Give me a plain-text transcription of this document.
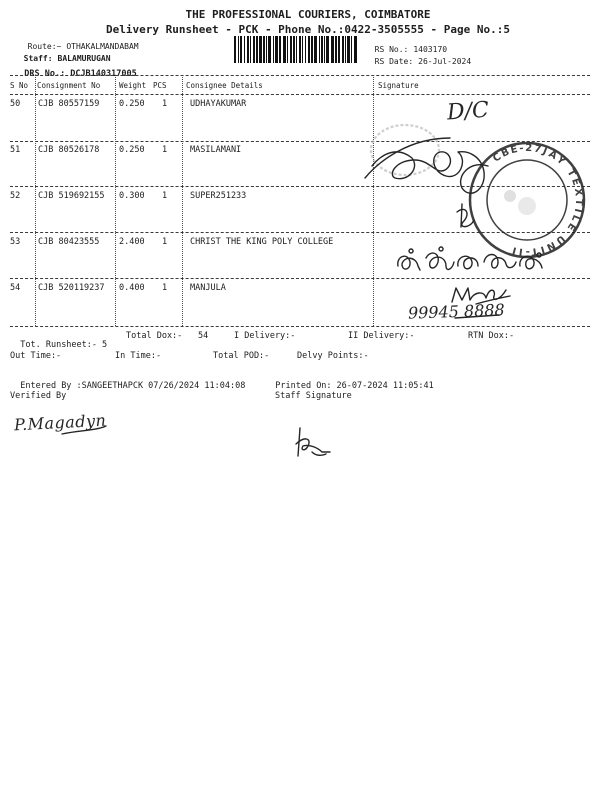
THE PROFESSIONAL COURIERS, COIMBATORE
Delivery Runsheet - PCK - Phone No.:0422-3505555 - Page No.:5

Route:~ OTHAKALMANDABAM

Staff: BALAMURUGAN

DRS No.: DCJB140317005

RS No.: 1403170

RS Date: 26-Jul-2024

S No Consignment No	Weight PCS	Consignee Details	Signature
50 CJB 80557159 0.250 1	UDHAYAKUMAR	D/C
51 CJB 80526178 0.250 1	MASILAMANI
52 CJB 519692155 0.300 1	SUPER251233
53 CJB 80423555 2.400 1	CHRIST THE KING POLY COLLEGE
54 CJB 520119237 0.400 1	MANJULA
99945 8888

Tot. Runsheet:- 5

Total Dox:- 54	I Delivery:-	II Delivery:-	RTN Dox:-
Out Time:-	In Time:-	Total POD:-	Delvy Points:-

Entered By :SANGEETHAPCK 07/26/2024 11:04:08	Printed On: 26-07-2024 11:05:41

Verified By	Staff Signature
P.Magadyn
CBE-27
JAY TEXTILE UNIT-II
